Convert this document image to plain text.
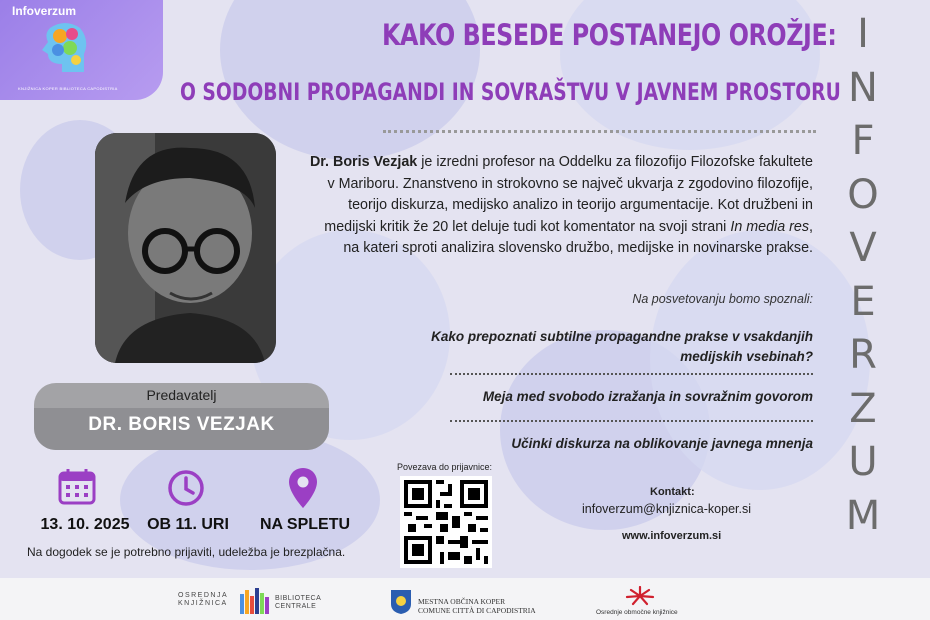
Infoverzum
KNJIŽNICA KOPER BIBLIOTECA CAPODISTRIA
KAKO BESEDE POSTANEJO OROŽJE:
O SODOBNI PROPAGANDI IN SOVRAŠTVU V JAVNEM PROSTORU
I
N
F
O
V
E
R
Z
U
M
Dr. Boris Vezjak je izredni profesor na Oddelku za filozofijo Filozofske fakultete v Mariboru. Znanstveno in strokovno se največ ukvarja z zgodovino filozofije, teorijo diskurza, medijsko analizo in teorijo argumentacije. Kot družbeni in medijski kritik že 20 let deluje tudi kot komentator na svoji strani In media res, na kateri sproti analizira slovensko družbo, medijske in novinarske prakse.
Na posvetovanju bomo spoznali:
Kako prepoznati subtilne propagandne prakse v vsakdanjih medijskih vsebinah?
Meja med svobodo izražanja in sovražnim govorom
Učinki diskurza na oblikovanje javnega mnenja
Predavatelj
DR. BORIS VEZJAK
13. 10. 2025	OB 11. URI	NA SPLETU
Na dogodek se je potrebno prijaviti, udeležba je brezplačna.
Povezava do prijavnice:
Kontakt:
infoverzum@knjiznica-koper.si
www.infoverzum.si
OSREDNJA
KNJIŽNICA
BIBLIOTECA
CENTRALE
MESTNA OBČINA KOPER
COMUNE CITTÀ DI CAPODISTRIA	Osrednje območne knjižnice
